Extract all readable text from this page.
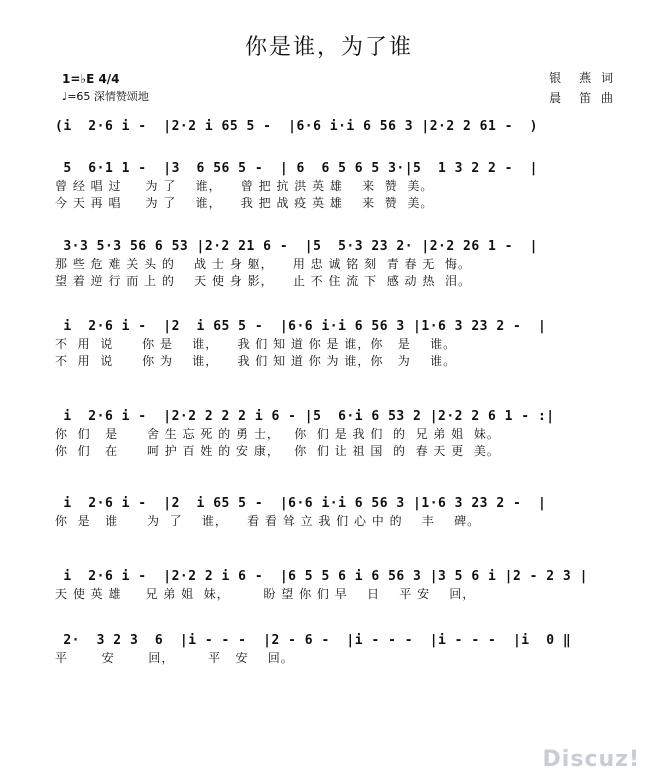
你是谁，为了谁
1=♭E 4/4
♩=65 深情赞颂地
银　燕 词
晨　笛 曲
(i  2·6 i -  |2·2 i 65 5 -  |6·6 i·i 6 56 3 |2·2 2 61 -  )
5  6·1 1 -  |3  6 56 5 -  | 6  6 5 6 5 3·|5  1 3 2 2 -  |
曾 经 唱 过     为 了    谁，    曾 把 抗 洪 英 雄    来  赞  美。
今 天 再 唱     为 了    谁，    我 把 战 疫 英 雄    来  赞  美。
3·3 5·3 56 6 53 |2·2 21 6 -  |5  5·3 23 2· |2·2 26 1 -  |
那 些 危 难 关 头 的    战 士 身 躯，    用 忠 诚 铭 刻  青 春 无  悔。
望 着 逆 行 而 上 的    天 使 身 影，    止 不 住 流 下  感 动 热  泪。
i  2·6 i -  |2  i 65 5 -  |6·6 i·i 6 56 3 |1·6 3 23 2 -  |
不  用  说      你 是    谁，    我 们 知 道 你 是 谁，你   是    谁。
不  用  说      你 为    谁，    我 们 知 道 你 为 谁，你   为    谁。
i  2·6 i -  |2·2 2 2 2 i 6 - |5  6·i 6 53 2 |2·2 2 6 1 - :|
你  们   是      舍 生 忘 死 的 勇 士，   你  们 是 我 们  的  兄 弟 姐  妹。
你  们   在      呵 护 百 姓 的 安 康，   你  们 让 祖 国  的  春 天 更  美。
i  2·6 i -  |2  i 65 5 -  |6·6 i·i 6 56 3 |1·6 3 23 2 -  |
你  是   谁      为  了    谁，    看 看 耸 立 我 们 心 中 的    丰    碑。
i  2·6 i -  |2·2 2 i 6 -  |6 5 5 6 i 6 56 3 |3 5 6 i |2 - 2 3 |
天 使 英 雄     兄 弟 姐  妹，       盼 望 你 们 早    日    平 安    回，
2·  3 2 3  6  |i - - -  |2 - 6 -  |i - - -  |i - - -  |i  0 ‖
平       安       回，       平   安    回。
Discuz!
